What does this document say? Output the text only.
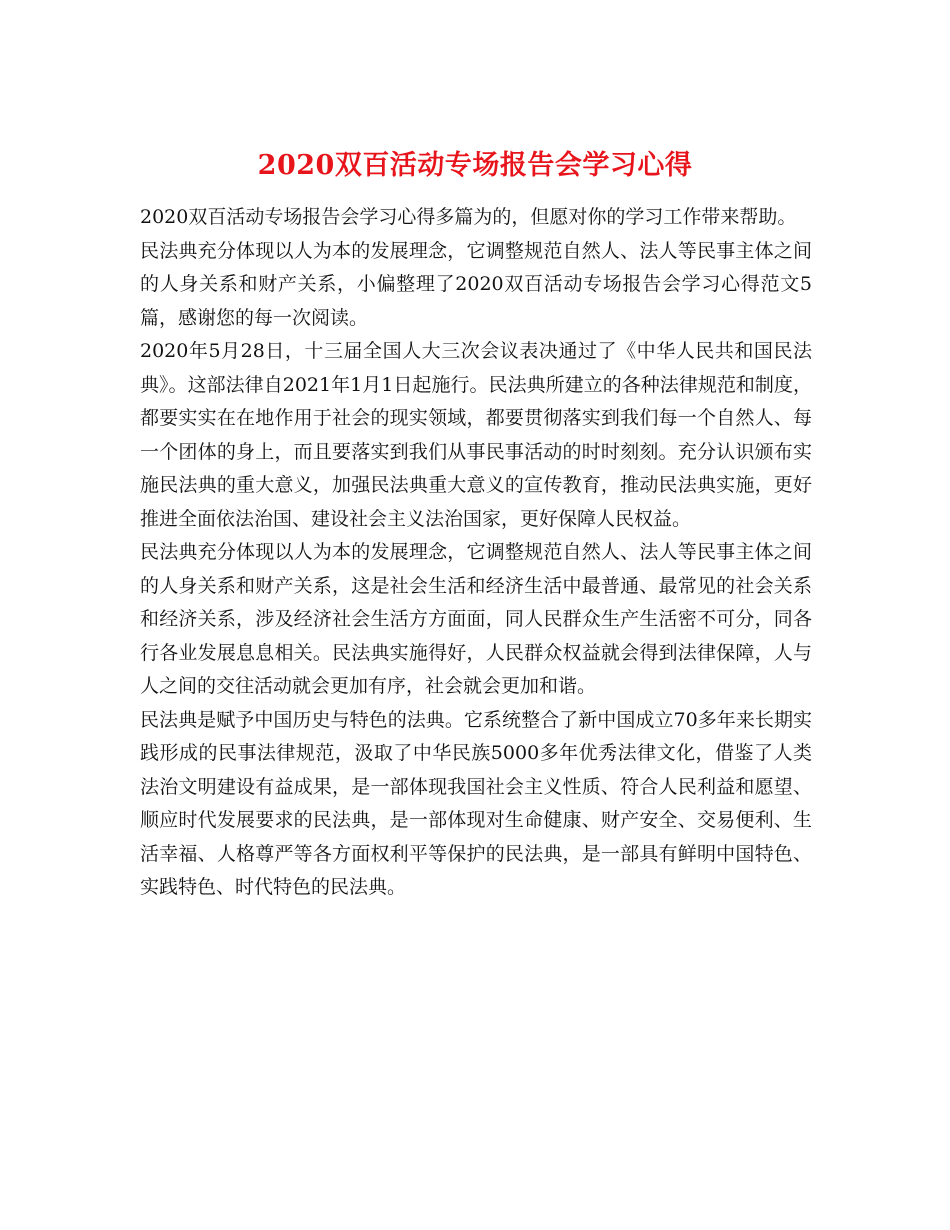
2020双百活动专场报告会学习心得

2020双百活动专场报告会学习心得多篇为的，但愿对你的学习工作带来帮助。

民法典充分体现以人为本的发展理念，它调整规范自然人、法人等民事主体之间的人身关系和财产关系，小偏整理了2020双百活动专场报告会学习心得范文5篇，感谢您的每一次阅读。

2020年5月28日，十三届全国人大三次会议表决通过了《中华人民共和国民法典》。这部法律自2021年1月1日起施行。民法典所建立的各种法律规范和制度，都要实实在在地作用于社会的现实领域，都要贯彻落实到我们每一个自然人、每一个团体的身上，而且要落实到我们从事民事活动的时时刻刻。充分认识颁布实施民法典的重大意义，加强民法典重大意义的宣传教育，推动民法典实施，更好推进全面依法治国、建设社会主义法治国家，更好保障人民权益。

民法典充分体现以人为本的发展理念，它调整规范自然人、法人等民事主体之间的人身关系和财产关系，这是社会生活和经济生活中最普通、最常见的社会关系和经济关系，涉及经济社会生活方方面面，同人民群众生产生活密不可分，同各行各业发展息息相关。民法典实施得好，人民群众权益就会得到法律保障，人与人之间的交往活动就会更加有序，社会就会更加和谐。

民法典是赋予中国历史与特色的法典。它系统整合了新中国成立70多年来长期实践形成的民事法律规范，汲取了中华民族5000多年优秀法律文化，借鉴了人类法治文明建设有益成果，是一部体现我国社会主义性质、符合人民利益和愿望、顺应时代发展要求的民法典，是一部体现对生命健康、财产安全、交易便利、生活幸福、人格尊严等各方面权利平等保护的民法典，是一部具有鲜明中国特色、实践特色、时代特色的民法典。
